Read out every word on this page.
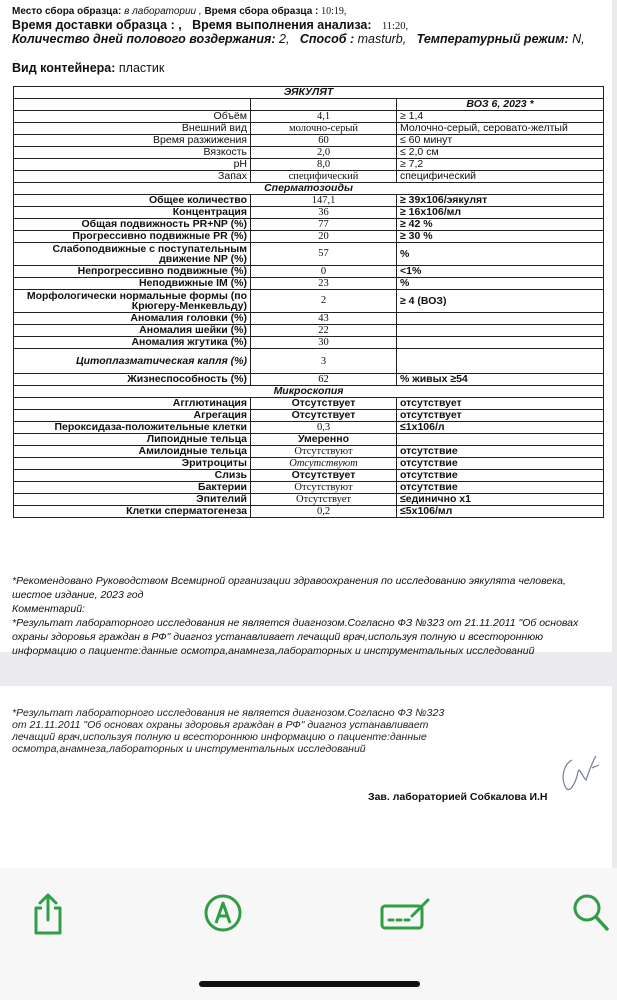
Место сбора образца: в лаборатории , Время сбора образца : 10:19,
Время доставки образца : , Время выполнения анализа: 11:20,
Количество дней полового воздержания: 2, Способ : masturb, Температурный режим: N,
Вид контейнера: пластик
ЭЯКУЛЯТ		
		ВОЗ 6, 2023 *
Объём	4,1	≥ 1,4
Внешний вид	молочно-серый	Молочно-серый, серовато-желтый
Время разжижения	60	≤ 60 минут
Вязкость	2,0	≤ 2,0 см
pH	8,0	≥ 7,2
Запах	специфический	специфический
Сперматозоиды		
Общее количество	147,1	≥ 39x106/эякулят
Концентрация	36	≥ 16x106/мл
Общая подвижность PR+NP (%)	77	≥ 42 %
Прогрессивно подвижные PR (%)	20	≥ 30 %
Слабоподвижные с поступательным движение NP (%)	57	%
Непрогрессивно подвижные (%)	0	<1%
Неподвижные IM (%)	23	%
Морфологически нормальные формы (по Крюгеру-Менкевльду)	2	≥ 4 (ВОЗ)
Аномалия головки (%)	43	
Аномалия шейки (%)	22	
Аномалия жгутика (%)	30	
Цитоплазматическая капля (%)	3	
Жизнеспособность (%)	62	% живых ≥54
Микроскопия		
Агглютинация	Отсутствует	отсутствует
Агрегация	Отсутствует	отсутствует
Пероксидаза-положительные клетки	0,3	≤1x106/л
Липоидные тельца	Умеренно	
Амилоидные тельца	Отсутствуют	отсутствие
Эритроциты	Отсутствуют	отсутствие
Слизь	Отсутствует	отсутствие
Бактерии	Отсутствуют	отсутствие
Эпителий	Отсутствует	≤единично x1
Клетки сперматогенеза	0,2	≤5x106/мл
*Рекомендовано Руководством Всемирной организации здравоохранения по исследованию эякулята человека, шестое издание, 2023 год
Комментарий:
*Результат лабораторного исследования не является диагнозом.Согласно ФЗ №323 от 21.11.2011 "Об основах охраны здоровья граждан в РФ" диагноз устанавливает лечащий врач,используя полную и всестороннюю информацию о пациенте:данные осмотра,анамнеза,лабораторных и инструментальных исследований
*Результат лабораторного исследования не является диагнозом.Согласно ФЗ №323 от 21.11.2011 "Об основах охраны здоровья граждан в РФ" диагноз устанавливает лечащий врач,используя полную и всестороннюю информацию о пациенте:данные осмотра,анамнеза,лабораторных и инструментальных исследований
Зав. лабораторией Собкалова И.Н
